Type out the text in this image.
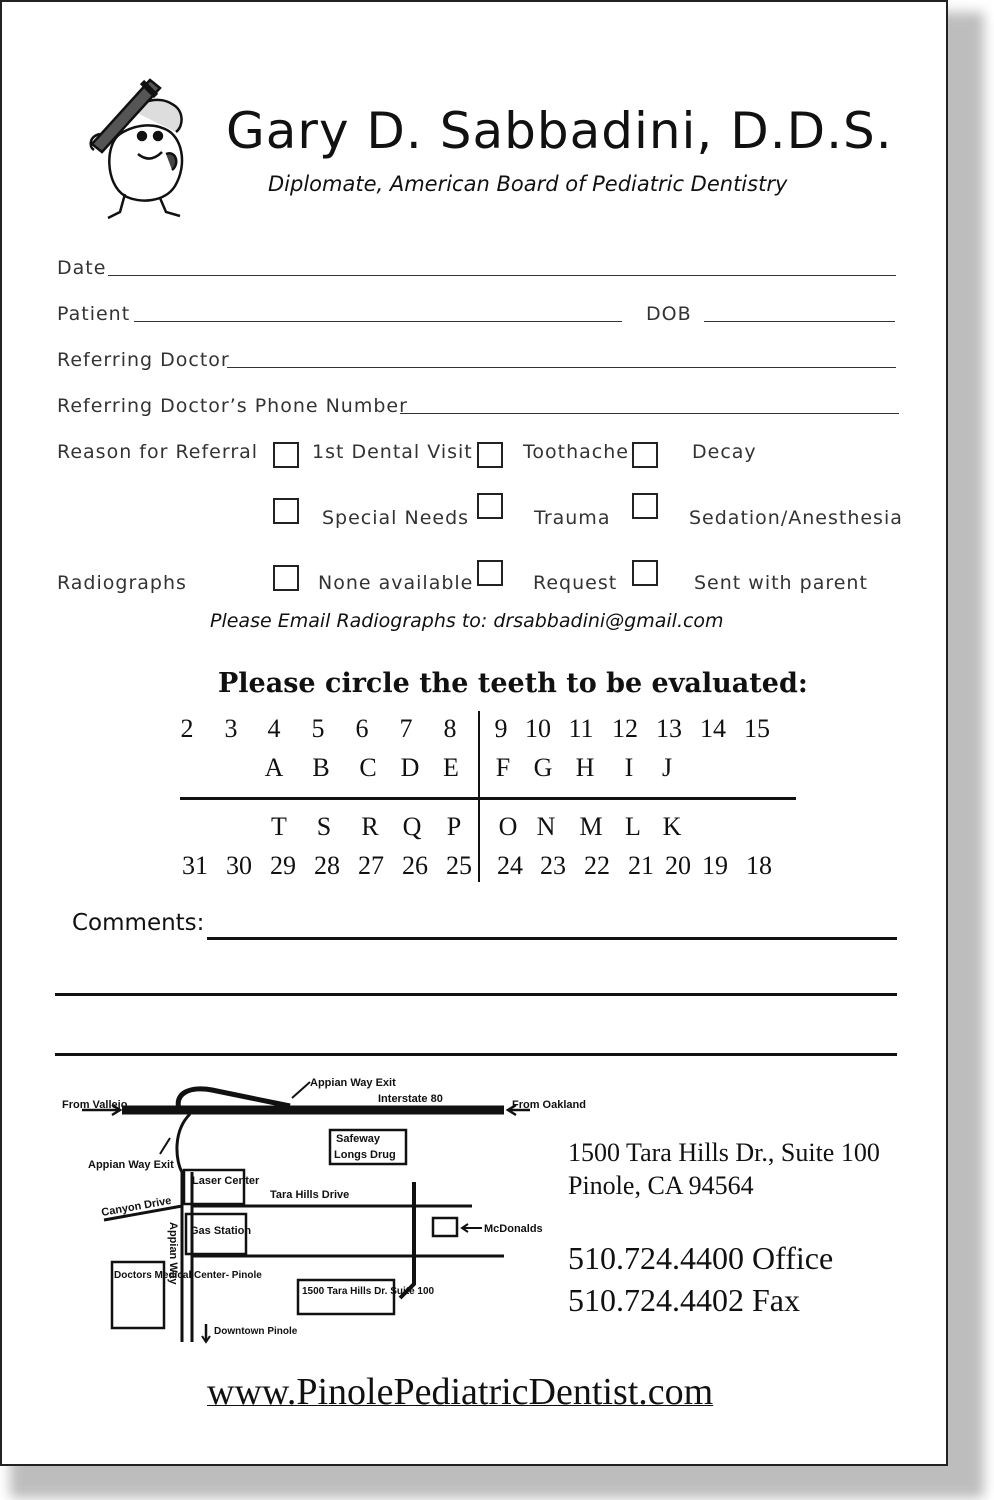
Gary D. Sabbadini, D.D.S.
Diplomate, American Board of Pediatric Dentistry
Date
Patient	DOB
Referring Doctor
Referring Doctor’s Phone Number
Reason for Referral	1st Dental Visit	Toothache	Decay
Special Needs	Trauma	Sedation/Anesthesia
Radiographs	None available	Request	Sent with parent
Please Email Radiographs to: drsabbadini@gmail.com
Please circle the teeth to be evaluated:
2 3 4 5 6 7 8 9 10 11 12 13 14 15
A B C D E F G H I J
T S R Q P O N M L K
31 30 29 28 27 26 25 24 23 22 21 20 19 18
Comments:
From Vallejo
Appian Way Exit
Interstate 80	From Oakland
Safeway
Longs Drug
Appian Way Exit
Laser Center
Tara Hills Drive
Canyon Drive
Gas Station	McDonalds
Appian Way
Doctors Medical Center- Pinole
1500 Tara Hills Dr. Suite 100
Downtown Pinole
1500 Tara Hills Dr., Suite 100
Pinole, CA 94564
510.724.4400 Office
510.724.4402 Fax
www.PinolePediatricDentist.com
